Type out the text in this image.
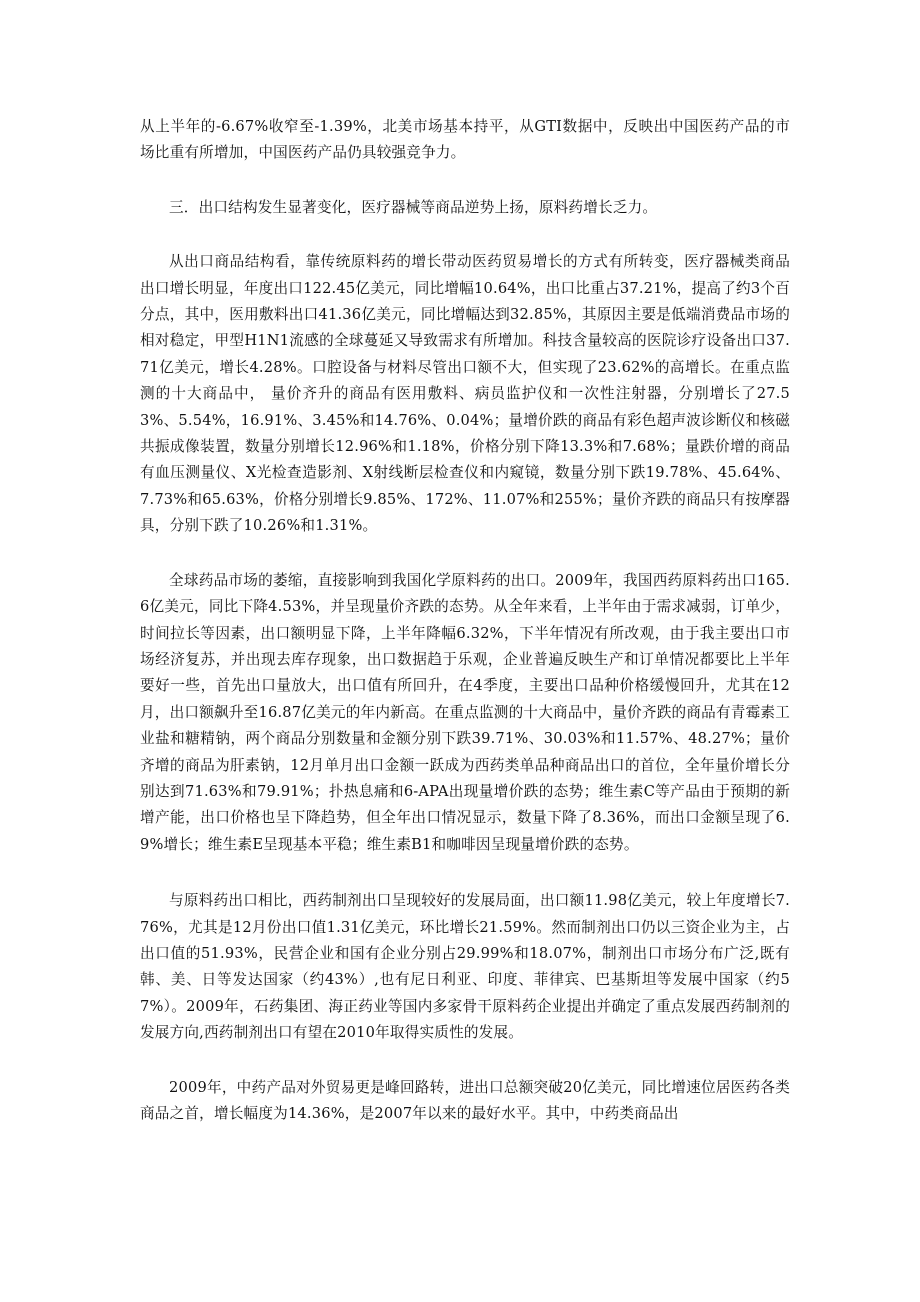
从上半年的-6.67%收窄至-1.39%，北美市场基本持平，从GTI数据中，反映出中国医药产品的市场比重有所增加，中国医药产品仍具较强竞争力。

三．出口结构发生显著变化，医疗器械等商品逆势上扬，原料药增长乏力。

从出口商品结构看，靠传统原料药的增长带动医药贸易增长的方式有所转变，医疗器械类商品出口增长明显，年度出口122.45亿美元，同比增幅10.64%，出口比重占37.21%，提高了约3个百分点，其中，医用敷料出口41.36亿美元，同比增幅达到32.85%，其原因主要是低端消费品市场的相对稳定，甲型H1N1流感的全球蔓延又导致需求有所增加。科技含量较高的医院诊疗设备出口37.71亿美元，增长4.28%。口腔设备与材料尽管出口额不大，但实现了23.62%的高增长。在重点监测的十大商品中， 量价齐升的商品有医用敷料、病员监护仪和一次性注射器，分别增长了27.53%、5.54%，16.91%、3.45%和14.76%、0.04%；量增价跌的商品有彩色超声波诊断仪和核磁共振成像装置，数量分别增长12.96%和1.18%，价格分别下降13.3%和7.68%；量跌价增的商品有血压测量仪、X光检查造影剂、X射线断层检查仪和内窥镜，数量分别下跌19.78%、45.64%、7.73%和65.63%，价格分别增长9.85%、172%、11.07%和255%；量价齐跌的商品只有按摩器具，分别下跌了10.26%和1.31%。

全球药品市场的萎缩，直接影响到我国化学原料药的出口。2009年，我国西药原料药出口165.6亿美元，同比下降4.53%，并呈现量价齐跌的态势。从全年来看，上半年由于需求减弱，订单少，时间拉长等因素，出口额明显下降，上半年降幅6.32%，下半年情况有所改观，由于我主要出口市场经济复苏，并出现去库存现象，出口数据趋于乐观，企业普遍反映生产和订单情况都要比上半年要好一些，首先出口量放大，出口值有所回升，在4季度，主要出口品种价格缓慢回升，尤其在12月，出口额飙升至16.87亿美元的年内新高。在重点监测的十大商品中，量价齐跌的商品有青霉素工业盐和糖精钠，两个商品分别数量和金额分别下跌39.71%、30.03%和11.57%、48.27%；量价齐增的商品为肝素钠，12月单月出口金额一跃成为西药类单品种商品出口的首位，全年量价增长分别达到71.63%和79.91%；扑热息痛和6-APA出现量增价跌的态势；维生素C等产品由于预期的新增产能，出口价格也呈下降趋势，但全年出口情况显示，数量下降了8.36%，而出口金额呈现了6.9%增长；维生素E呈现基本平稳；维生素B1和咖啡因呈现量增价跌的态势。

与原料药出口相比，西药制剂出口呈现较好的发展局面，出口额11.98亿美元，较上年度增长7.76%，尤其是12月份出口值1.31亿美元，环比增长21.59%。然而制剂出口仍以三资企业为主，占出口值的51.93%，民营企业和国有企业分别占29.99%和18.07%，制剂出口市场分布广泛,既有韩、美、日等发达国家（约43%）,也有尼日利亚、印度、菲律宾、巴基斯坦等发展中国家（约57%）。2009年，石药集团、海正药业等国内多家骨干原料药企业提出并确定了重点发展西药制剂的发展方向,西药制剂出口有望在2010年取得实质性的发展。

2009年，中药产品对外贸易更是峰回路转，进出口总额突破20亿美元，同比增速位居医药各类商品之首，增长幅度为14.36%，是2007年以来的最好水平。其中，中药类商品出
